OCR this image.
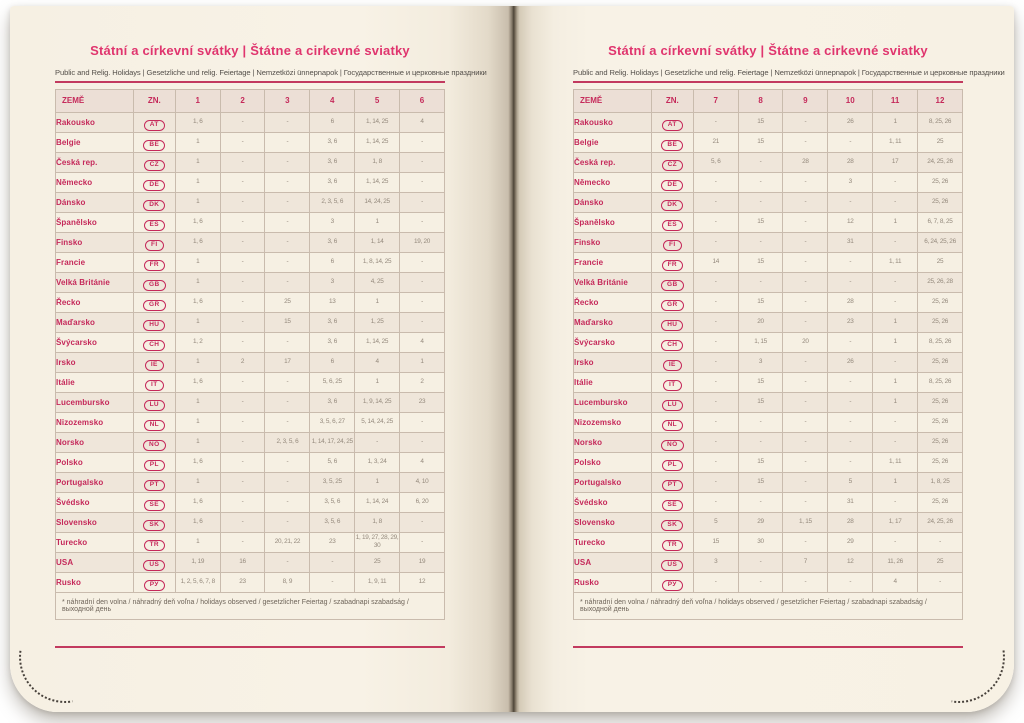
Státní a církevní svátky | Štátne a cirkevné sviatky
Public and Relig. Holidays | Gesetzliche und relig. Feiertage | Nemzetközi ünnepnapok | Государственные и церковные праздники
ZEMĚ	ZN.	1	2	3	4	5	6
Rakousko	AT	1, 6	-	-	6	1, 14, 25	4
Belgie	BE	1	-	-	3, 6	1, 14, 25	-
Česká rep.	CZ	1	-	-	3, 6	1, 8	-
Německo	DE	1	-	-	3, 6	1, 14, 25	-
Dánsko	DK	1	-	-	2, 3, 5, 6	14, 24, 25	-
Španělsko	ES	1, 6	-	-	3	1	-
Finsko	FI	1, 6	-	-	3, 6	1, 14	19, 20
Francie	FR	1	-	-	6	1, 8, 14, 25	-
Velká Británie	GB	1	-	-	3	4, 25	-
Řecko	GR	1, 6	-	25	13	1	-
Maďarsko	HU	1	-	15	3, 6	1, 25	-
Švýcarsko	CH	1, 2	-	-	3, 6	1, 14, 25	4
Irsko	IE	1	2	17	6	4	1
Itálie	IT	1, 6	-	-	5, 6, 25	1	2
Lucembursko	LU	1	-	-	3, 6	1, 9, 14, 25	23
Nizozemsko	NL	1	-	-	3, 5, 6, 27	5, 14, 24, 25	-
Norsko	NO	1	-	2, 3, 5, 6	1, 14, 17, 24, 25	-	-
Polsko	PL	1, 6	-	-	5, 6	1, 3, 24	4
Portugalsko	PT	1	-	-	3, 5, 25	1	4, 10
Švédsko	SE	1, 6	-	-	3, 5, 6	1, 14, 24	6, 20
Slovensko	SK	1, 6	-	-	3, 5, 6	1, 8	-
Turecko	TR	1	-	20, 21, 22	23	1, 19, 27, 28, 29, 30	-
USA	US	1, 19	16	-	-	25	19
Rusko	РУ	1, 2, 5, 6, 7, 8	23	8, 9	-	1, 9, 11	12
* náhradní den volna / náhradný deň voľna / holidays observed / gesetzlicher Feiertag / szabadnapi szabadság / выходной день							
Státní a církevní svátky | Štátne a cirkevné sviatky
Public and Relig. Holidays | Gesetzliche und relig. Feiertage | Nemzetközi ünnepnapok | Государственные и церковные праздники
ZEMĚ	ZN.	7	8	9	10	11	12
Rakousko	AT	-	15	-	26	1	8, 25, 26
Belgie	BE	21	15	-	-	1, 11	25
Česká rep.	CZ	5, 6	-	28	28	17	24, 25, 26
Německo	DE	-	-	-	3	-	25, 26
Dánsko	DK	-	-	-	-	-	25, 26
Španělsko	ES	-	15	-	12	1	6, 7, 8, 25
Finsko	FI	-	-	-	31	-	6, 24, 25, 26
Francie	FR	14	15	-	-	1, 11	25
Velká Británie	GB	-	-	-	-	-	25, 26, 28
Řecko	GR	-	15	-	28	-	25, 26
Maďarsko	HU	-	20	-	23	1	25, 26
Švýcarsko	CH	-	1, 15	20	-	1	8, 25, 26
Irsko	IE	-	3	-	26	-	25, 26
Itálie	IT	-	15	-	-	1	8, 25, 26
Lucembursko	LU	-	15	-	-	1	25, 26
Nizozemsko	NL	-	-	-	-	-	25, 26
Norsko	NO	-	-	-	-	-	25, 26
Polsko	PL	-	15	-	-	1, 11	25, 26
Portugalsko	PT	-	15	-	5	1	1, 8, 25
Švédsko	SE	-	-	-	31	-	25, 26
Slovensko	SK	5	29	1, 15	28	1, 17	24, 25, 26
Turecko	TR	15	30	-	29	-	-
USA	US	3	-	7	12	11, 26	25
Rusko	РУ	-	-	-	-	4	-
* náhradní den volna / náhradný deň voľna / holidays observed / gesetzlicher Feiertag / szabadnapi szabadság / выходной день							
